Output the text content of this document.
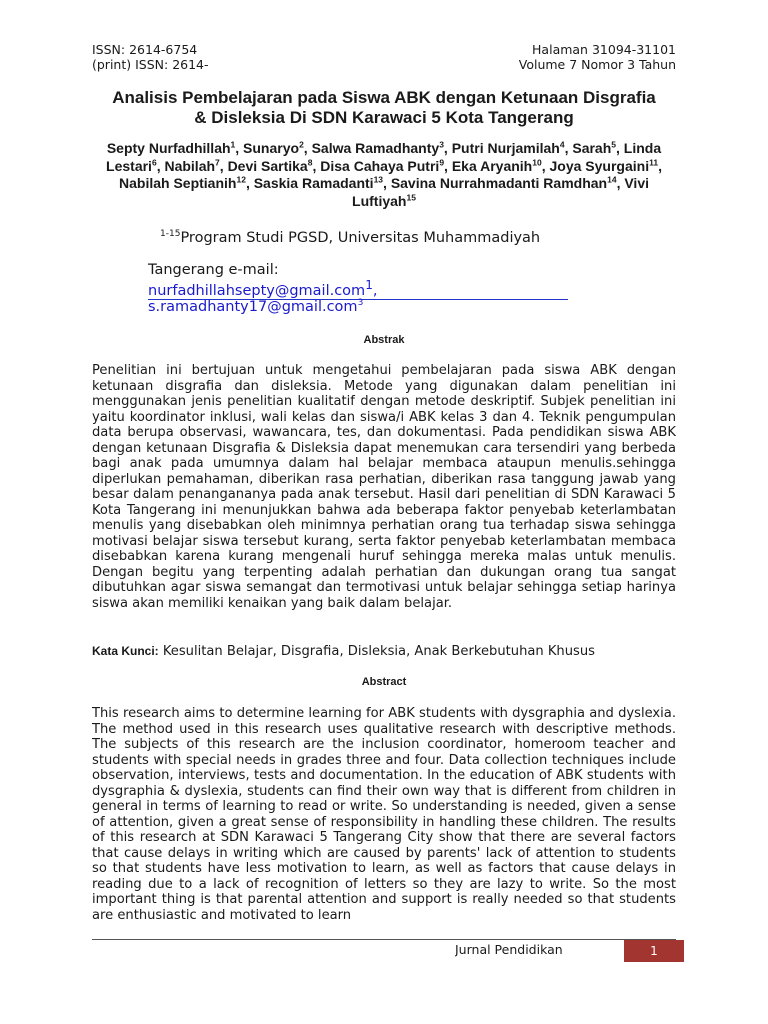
ISSN: 2614-6754
(print) ISSN: 2614-
Halaman 31094-31101
Volume 7 Nomor 3 Tahun
Analisis Pembelajaran pada Siswa ABK dengan Ketunaan Disgrafia
& Disleksia Di SDN Karawaci 5 Kota Tangerang
Septy Nurfadhillah$^1$, Sunaryo$^2$, Salwa Ramadhanty$^3$, Putri Nurjamilah$^4$, Sarah$^5$, Linda Lestari$^6$, Nabilah$^7$, Devi Sartika$^8$, Disa Cahaya Putri$^9$, Eka Aryanih$^{10}$, Joya Syurgaini$^{11}$, Nabilah Septianih$^{12}$, Saskia Ramadanti$^{13}$, Savina Nurrahmadanti Ramdhan$^{14}$, Vivi Luftiyah$^{15}$
$^{1-15}$Program Studi PGSD, Universitas Muhammadiyah
Tangerang e-mail: nurfadhillahsepty@gmail.com$^1$,
s.ramadhanty17@gmail.com$^3$
Abstrak
Penelitian ini bertujuan untuk mengetahui pembelajaran pada siswa ABK dengan ketunaan disgrafia dan disleksia. Metode yang digunakan dalam penelitian ini menggunakan jenis penelitian kualitatif dengan metode deskriptif. Subjek penelitian ini yaitu koordinator inklusi, wali kelas dan siswa/i ABK kelas 3 dan 4. Teknik pengumpulan data berupa observasi, wawancara, tes, dan dokumentasi. Pada pendidikan siswa ABK dengan ketunaan Disgrafia & Disleksia dapat menemukan cara tersendiri yang berbeda bagi anak pada umumnya dalam hal belajar membaca ataupun menulis.sehingga diperlukan pemahaman, diberikan rasa perhatian, diberikan rasa tanggung jawab yang besar dalam penangananya pada anak tersebut. Hasil dari penelitian di SDN Karawaci 5 Kota Tangerang ini menunjukkan bahwa ada beberapa faktor penyebab keterlambatan menulis yang disebabkan oleh minimnya perhatian orang tua terhadap siswa sehingga motivasi belajar siswa tersebut kurang, serta faktor penyebab keterlambatan membaca disebabkan karena kurang mengenali huruf sehingga mereka malas untuk menulis. Dengan begitu yang terpenting adalah perhatian dan dukungan orang tua sangat dibutuhkan agar siswa semangat dan termotivasi untuk belajar sehingga setiap harinya siswa akan memiliki kenaikan yang baik dalam belajar.
Kata Kunci: Kesulitan Belajar, Disgrafia, Disleksia, Anak Berkebutuhan Khusus
Abstract
This research aims to determine learning for ABK students with dysgraphia and dyslexia. The method used in this research uses qualitative research with descriptive methods. The subjects of this research are the inclusion coordinator, homeroom teacher and students with special needs in grades three and four. Data collection techniques include observation, interviews, tests and documentation. In the education of ABK students with dysgraphia & dyslexia, students can find their own way that is different from children in general in terms of learning to read or write. So understanding is needed, given a sense of attention, given a great sense of responsibility in handling these children. The results of this research at SDN Karawaci 5 Tangerang City show that there are several factors that cause delays in writing which are caused by parents' lack of attention to students so that students have less motivation to learn, as well as factors that cause delays in reading due to a lack of recognition of letters so they are lazy to write. So the most important thing is that parental attention and support is really needed so that students are enthusiastic and motivated to learn
Jurnal Pendidikan	1
